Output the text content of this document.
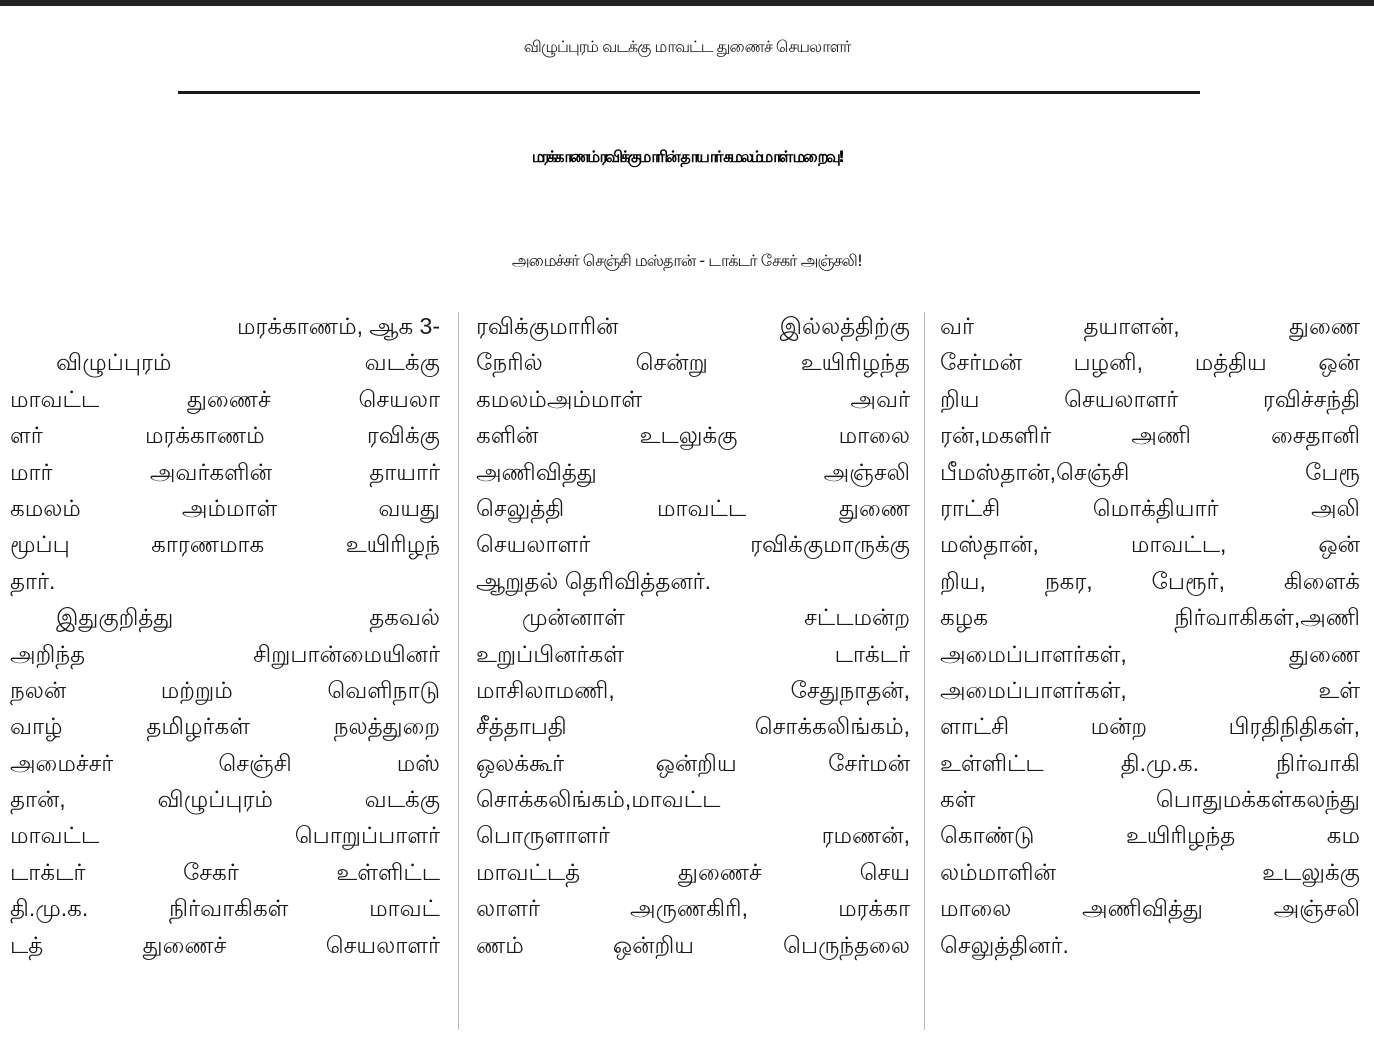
விழுப்புரம் வடக்கு மாவட்ட துணைச் செயலாளர்
மரக்காணம் ரவிக்குமாரின் தாயார் கமலம்மாள் மறைவு!
அமைச்சர் செஞ்சி மஸ்தான் - டாக்டர் சேகர் அஞ்சலி!
மரக்காணம், ஆக 3-
விழுப்புரம் வடக்கு
மாவட்ட துணைச் செயலா
ளர் மரக்காணம் ரவிக்கு
மார் அவர்களின் தாயார்
கமலம் அம்மாள் வயது
மூப்பு காரணமாக உயிரிழந்
தார்.
இதுகுறித்து தகவல்
அறிந்த சிறுபான்மையினர்
நலன் மற்றும் வெளிநாடு
வாழ் தமிழர்கள் நலத்துறை
அமைச்சர் செஞ்சி மஸ்
தான், விழுப்புரம் வடக்கு
மாவட்ட பொறுப்பாளர்
டாக்டர் சேகர் உள்ளிட்ட
தி.மு.க. நிர்வாகிகள் மாவட்
டத் துணைச் செயலாளர்
ரவிக்குமாரின் இல்லத்திற்கு
நேரில் சென்று உயிரிழந்த
கமலம்அம்மாள் அவர்
களின் உடலுக்கு மாலை
அணிவித்து அஞ்சலி
செலுத்தி மாவட்ட துணை
செயலாளர் ரவிக்குமாருக்கு
ஆறுதல் தெரிவித்தனர்.
முன்னாள் சட்டமன்ற
உறுப்பினர்கள் டாக்டர்
மாசிலாமணி, சேதுநாதன்,
சீத்தாபதி சொக்கலிங்கம்,
ஒலக்கூர் ஒன்றிய சேர்மன்
சொக்கலிங்கம்,மாவட்ட
பொருளாளர் ரமணன்,
மாவட்டத் துணைச் செய
லாளர் அருணகிரி, மரக்கா
ணம் ஒன்றிய பெருந்தலை
வர் தயாளன், துணை
சேர்மன் பழனி, மத்திய ஒன்
றிய செயலாளர் ரவிச்சந்தி
ரன்,மகளிர் அணி சைதானி
பீமஸ்தான்,செஞ்சி பேரூ
ராட்சி மொக்தியார் அலி
மஸ்தான், மாவட்ட, ஒன்
றிய, நகர, பேரூர், கிளைக்
கழக நிர்வாகிகள்,அணி
அமைப்பாளர்கள், துணை
அமைப்பாளர்கள், உள்
ளாட்சி மன்ற பிரதிநிதிகள்,
உள்ளிட்ட தி.மு.க. நிர்வாகி
கள் பொதுமக்கள்கலந்து
கொண்டு உயிரிழந்த கம
லம்மாளின் உடலுக்கு
மாலை அணிவித்து அஞ்சலி
செலுத்தினர்.
